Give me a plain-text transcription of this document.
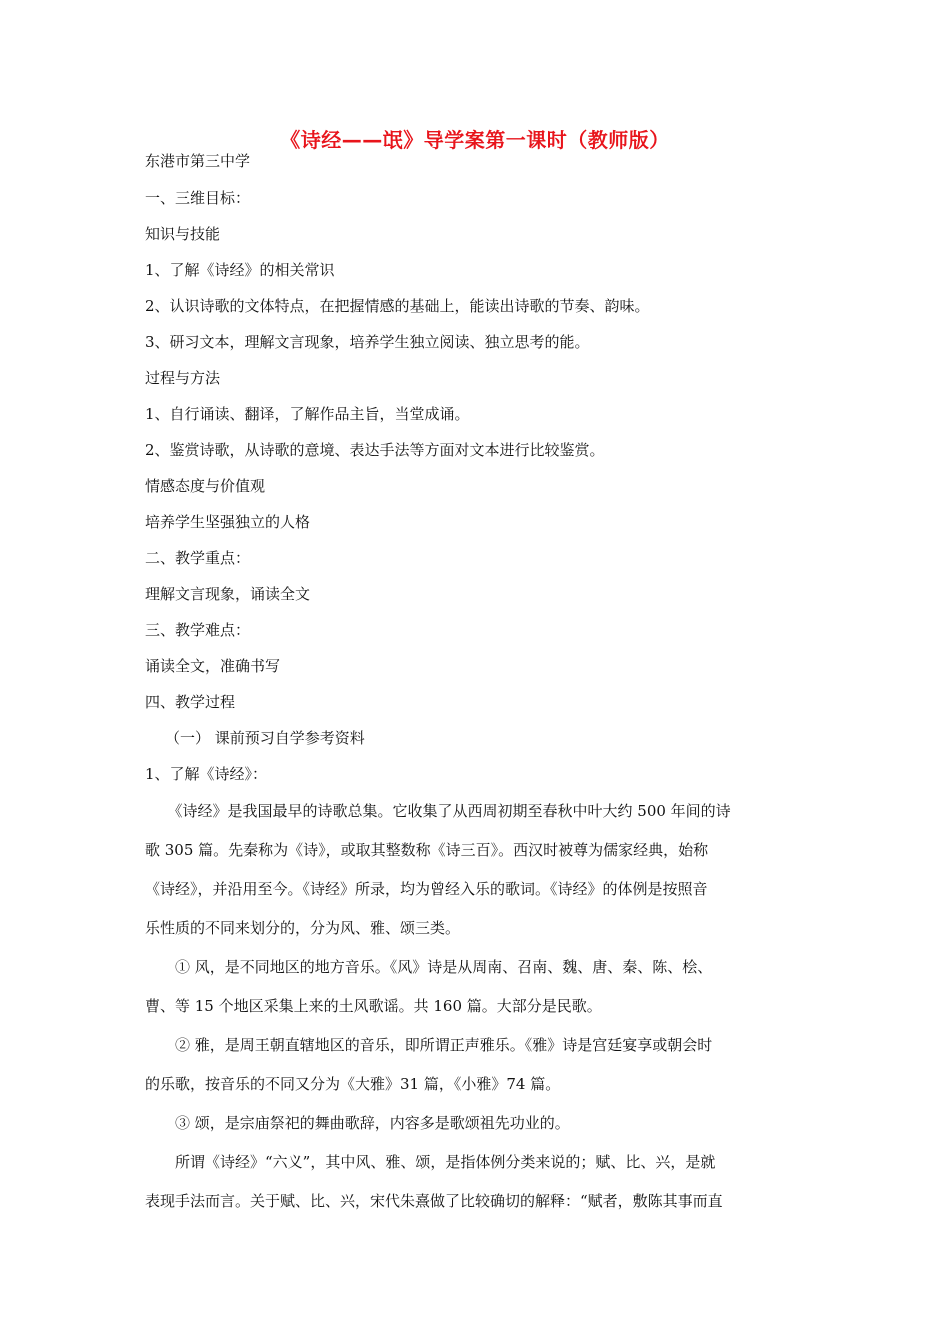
《诗经——氓》导学案第一课时（教师版）
东港市第三中学
一、三维目标：
知识与技能
1、了解《诗经》的相关常识
2、认识诗歌的文体特点，在把握情感的基础上，能读出诗歌的节奏、韵味。
3、研习文本，理解文言现象，培养学生独立阅读、独立思考的能。
过程与方法
1、自行诵读、翻译，了解作品主旨，当堂成诵。
2、鉴赏诗歌，从诗歌的意境、表达手法等方面对文本进行比较鉴赏。
情感态度与价值观
培养学生坚强独立的人格
二、教学重点：
理解文言现象，诵读全文
三、教学难点：
诵读全文，准确书写
四、教学过程
（一） 课前预习自学参考资料
1、了解《诗经》：
　　《诗经》是我国最早的诗歌总集。它收集了从西周初期至春秋中叶大约 500 年间的诗
歌 305 篇。先秦称为《诗》，或取其整数称《诗三百》。西汉时被尊为儒家经典，始称
《诗经》，并沿用至今。《诗经》所录，均为曾经入乐的歌词。《诗经》的体例是按照音
乐性质的不同来划分的，分为风、雅、颂三类。
　　① 风，是不同地区的地方音乐。《风》诗是从周南、召南、魏、唐、秦、陈、桧、
曹、等 15 个地区采集上来的土风歌谣。共 160 篇。大部分是民歌。
　　② 雅，是周王朝直辖地区的音乐，即所谓正声雅乐。《雅》诗是宫廷宴享或朝会时
的乐歌，按音乐的不同又分为《大雅》31 篇，《小雅》74 篇。
　　③ 颂，是宗庙祭祀的舞曲歌辞，内容多是歌颂祖先功业的。
　　所谓《诗经》“六义”，其中风、雅、颂，是指体例分类来说的；赋、比、兴，是就
表现手法而言。关于赋、比、兴，宋代朱熹做了比较确切的解释：“赋者，敷陈其事而直
